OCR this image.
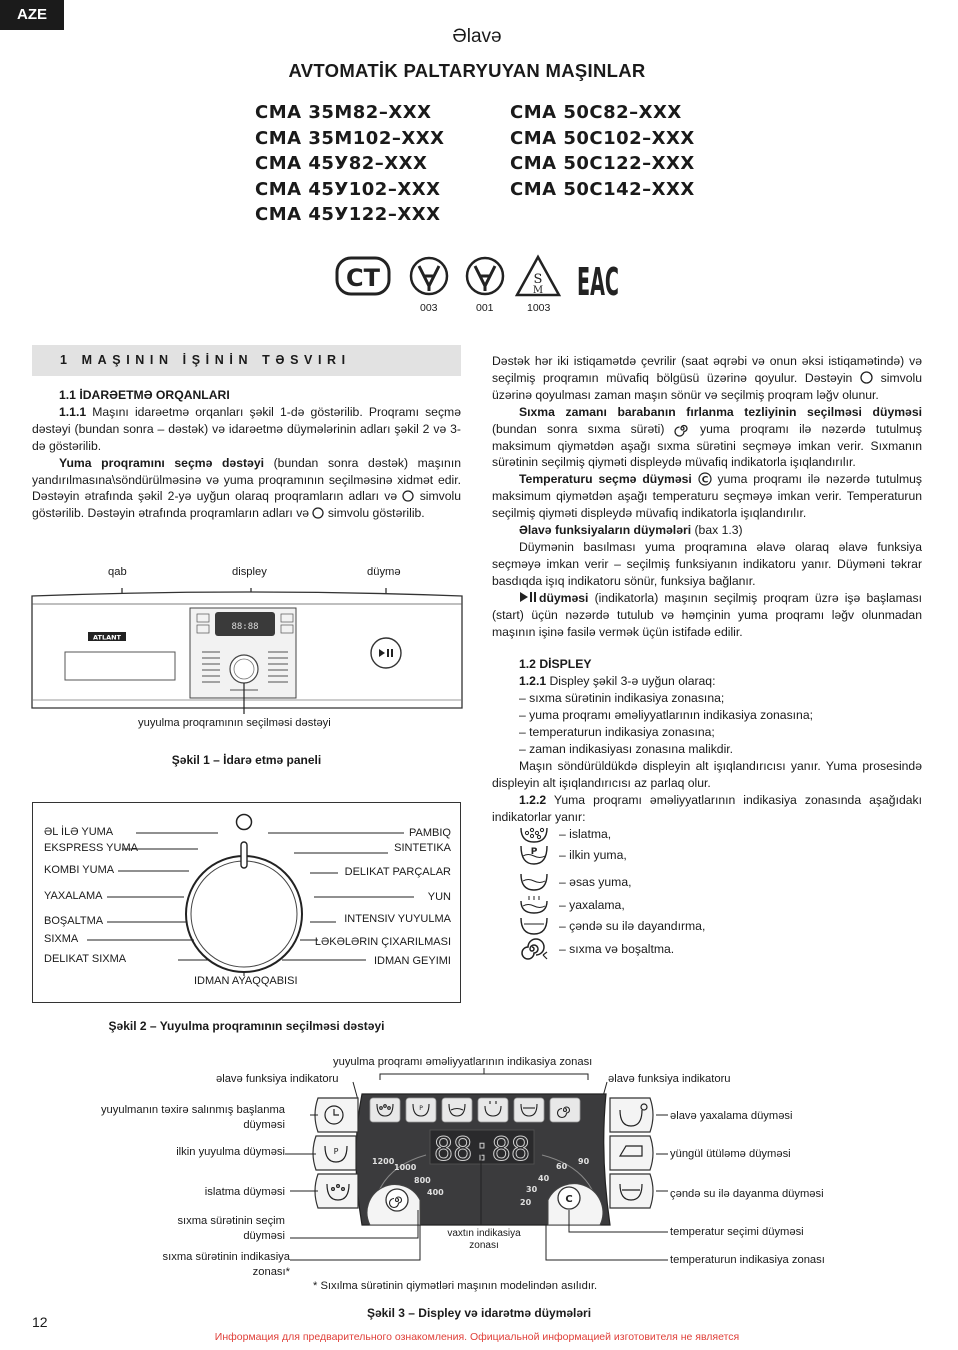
AZE
Əlavə
AVTOMATİK PALTARYUYAN MAŞINLAR
СМА 35М82–XXX
СМА 35М102–XXX
СМА 45У82–XXX
СМА 45У102–XXX
СМА 45У122–XXX
СМА 50С82–XXX
СМА 50С102–XXX
СМА 50С122–XXX
СМА 50С142–XXX
СТ	S
M ЕАС
003	001	1003
1 MAŞININ İŞİNİN TƏSVIRI

1.1 İDARƏETMƏ ORQANLARI

1.1.1 Maşını idarəetmə orqanları şəkil 1-də göstərilib. Proqramı seçmə dəstəyi (bundan sonra – dəstək) və idarəetmə düymələrinin adları şəkil 2 və 3-də göstərilib.

Yuma proqramını seçmə dəstəyi (bundan sonra dəstək) maşının yandırılmasına\söndürülməsinə və yuma proqramının seçilməsinə xidmət edir. Dəstəyin ətrafında şəkil 2-yə uyğun olaraq proqramların adları və  simvolu göstərilib. Dəstəyin ətrafında proqramların adları və  simvolu göstərilib.

qab	displey	düymə
ATLANT
88:88
yuyulma proqramının seçilməsi dəstəyi
Şəkil 1 – İdarə etmə paneli
ƏL İLƏ YUMA
EKSPRESS YUMA
KOMBI YUMA
YAXALAMA
BOŞALTMA
SIXMA
DELIKAT SIXMA
PAMBIQ
SINTETIKA
DELIKAT PARÇALAR
YUN
INTENSIV YUYULMA
LƏKƏLƏRIN ÇIXARILMASI
IDMAN GEYIMI
IDMAN AYAQQABISI
Şəkil 2 – Yuyulma proqramının seçilməsi dəstəyi

Dəstək hər iki istiqamətdə çevrilir (saat əqrəbi və onun əksi istiqamətində) və seçilmiş proqramın müvafiq bölgüsü üzərinə qoyulur. Dəstəyin  simvolu üzərinə qoyulması zaman maşın sönür və seçilmiş proqram ləğv olunur.

Sıxma zamanı barabanın fırlanma tezliyinin seçilməsi düyməsi (bundan sonra sıxma sürəti)  yuma proqramı ilə nəzərdə tutulmuş maksimum qiymətdən aşağı sıxma sürətini seçməyə imkan verir. Sıxmanın sürətinin seçilmiş qiyməti displeydə müvafiq indikatorla işıqlandırılır.

Temperaturu seçmə düyməsi C yuma proqramı ilə nəzərdə tutulmuş maksimum qiymətdən aşağı temperaturu seçməyə imkan verir. Temperaturun seçilmiş qiyməti displeydə müvafiq indikatorla işıqlandırılır.

Əlavə funksiyaların düymələri (bax 1.3)

Düymənin basılması yuma proqramına əlavə olaraq əlavə funksiya seçməyə imkan verir – seçilmiş funksiyanın indikatoru yanır. Düyməni təkrar basdıqda işıq indikatoru sönür, funksiya bağlanır.

düyməsi (indikatorla) maşının seçilmiş proqram üzrə işə başlaması (start) üçün nəzərdə tutulub və həmçinin yuma proqramı ləğv olunmadan maşının işinə fasilə vermək üçün istifadə edilir.

1.2 DİSPLEY

1.2.1 Displey şəkil 3-ə uyğun olaraq:

– sıxma sürətinin indikasiya zonasına;

– yuma proqramı əməliyyatlarının indikasiya zonasına;

– temperaturun indikasiya zonasına;

– zaman indikasiyası zonasına malikdir.

Maşın söndürüldükdə displeyin alt işıqlandırıcısı yanır. Yuma prosesində displeyin alt işıqlandırıcısı az parlaq olur.

1.2.2 Yuma proqramı əməliyyatlarının indikasiya zonasında aşağıdakı indikatorlar yanır:

– islatma,
P – ilkin yuma,
– əsas yuma,
– yaxalama,
– çəndə su ilə dayandırma,
– sıxma və boşaltma.
yuyulma proqramı əməliyyatlarının indikasiya zonası
əlavə funksiya indikatoru	əlavə funksiya indikatoru
P
88:88
1200
1000
800
400
90
60
40
30
20	C
P
yuyulmanın təxirə salınmış başlanma düyməsi
ilkin yuyulma düyməsi
islatma düyməsi
sıxma sürətinin seçim düyməsi
sıxma sürətinin indikasiya zonası*
əlavə yaxalama düyməsi
yüngül ütüləmə düyməsi
çəndə su ilə dayanma düyməsi
temperatur seçimi düyməsi
temperaturun indikasiya zonası
vaxtın indikasiya zonası
* Sıxılma sürətinin qiymətləri maşının modelindən asılıdır.
Şəkil 3 – Displey və idarətmə düymələri
12
Информация для предварительного ознакомления. Официальной информацией изготовителя не является
